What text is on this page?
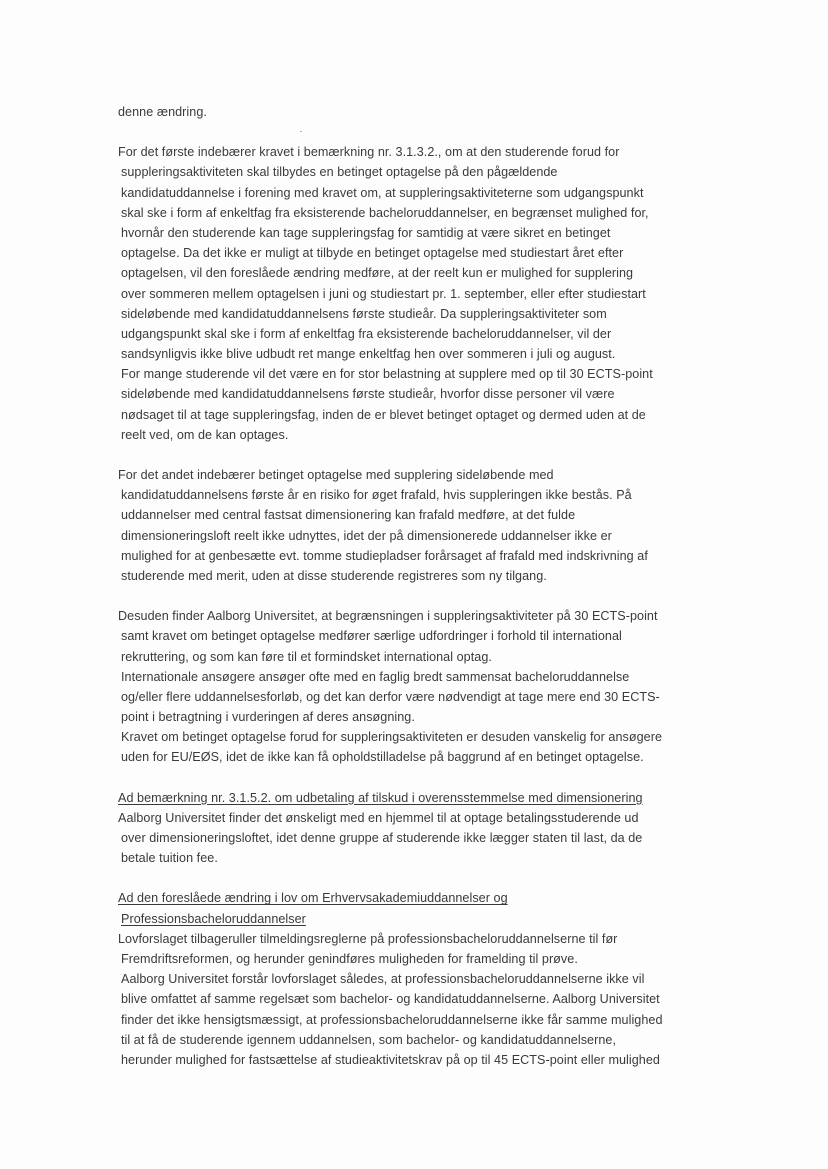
denne ændring.
For det første indebærer kravet i bemærkning nr. 3.1.3.2., om at den studerende forud for
suppleringsaktiviteten skal tilbydes en betinget optagelse på den pågældende
kandidatuddannelse i forening med kravet om, at suppleringsaktiviteterne som udgangspunkt
skal ske i form af enkeltfag fra eksisterende bacheloruddannelser, en begrænset mulighed for,
hvornår den studerende kan tage suppleringsfag for samtidig at være sikret en betinget
optagelse. Da det ikke er muligt at tilbyde en betinget optagelse med studiestart året efter
optagelsen, vil den foreslåede ændring medføre, at der reelt kun er mulighed for supplering
over sommeren mellem optagelsen i juni og studiestart pr. 1. september, eller efter studiestart
sideløbende med kandidatuddannelsens første studieår. Da suppleringsaktiviteter som
udgangspunkt skal ske i form af enkeltfag fra eksisterende bacheloruddannelser, vil der
sandsynligvis ikke blive udbudt ret mange enkeltfag hen over sommeren i juli og august.
For mange studerende vil det være en for stor belastning at supplere med op til 30 ECTS-point
sideløbende med kandidatuddannelsens første studieår, hvorfor disse personer vil være
nødsaget til at tage suppleringsfag, inden de er blevet betinget optaget og dermed uden at de
reelt ved, om de kan optages.
For det andet indebærer betinget optagelse med supplering sideløbende med
kandidatuddannelsens første år en risiko for øget frafald, hvis suppleringen ikke bestås. På
uddannelser med central fastsat dimensionering kan frafald medføre, at det fulde
dimensioneringsloft reelt ikke udnyttes, idet der på dimensionerede uddannelser ikke er
mulighed for at genbesætte evt. tomme studiepladser forårsaget af frafald med indskrivning af
studerende med merit, uden at disse studerende registreres som ny tilgang.
Desuden finder Aalborg Universitet, at begrænsningen i suppleringsaktiviteter på 30 ECTS-point
samt kravet om betinget optagelse medfører særlige udfordringer i forhold til international
rekruttering, og som kan føre til et formindsket international optag.
Internationale ansøgere ansøger ofte med en faglig bredt sammensat bacheloruddannelse
og/eller flere uddannelsesforløb, og det kan derfor være nødvendigt at tage mere end 30 ECTS-
point i betragtning i vurderingen af deres ansøgning.
Kravet om betinget optagelse forud for suppleringsaktiviteten er desuden vanskelig for ansøgere
uden for EU/EØS, idet de ikke kan få opholdstilladelse på baggrund af en betinget optagelse.
Ad bemærkning nr. 3.1.5.2. om udbetaling af tilskud i overensstemmelse med dimensionering
Aalborg Universitet finder det ønskeligt med en hjemmel til at optage betalingsstuderende ud
over dimensioneringsloftet, idet denne gruppe af studerende ikke lægger staten til last, da de
betale tuition fee.
Ad den foreslåede ændring i lov om Erhvervsakademiuddannelser og
Professionsbacheloruddannelser
Lovforslaget tilbageruller tilmeldingsreglerne på professionsbacheloruddannelserne til før
Fremdriftsreformen, og herunder genindføres muligheden for framelding til prøve.
Aalborg Universitet forstår lovforslaget således, at professionsbacheloruddannelserne ikke vil
blive omfattet af samme regelsæt som bachelor- og kandidatuddannelserne. Aalborg Universitet
finder det ikke hensigtsmæssigt, at professionsbacheloruddannelserne ikke får samme mulighed
til at få de studerende igennem uddannelsen, som bachelor- og kandidatuddannelserne,
herunder mulighed for fastsættelse af studieaktivitetskrav på op til 45 ECTS-point eller mulighed
